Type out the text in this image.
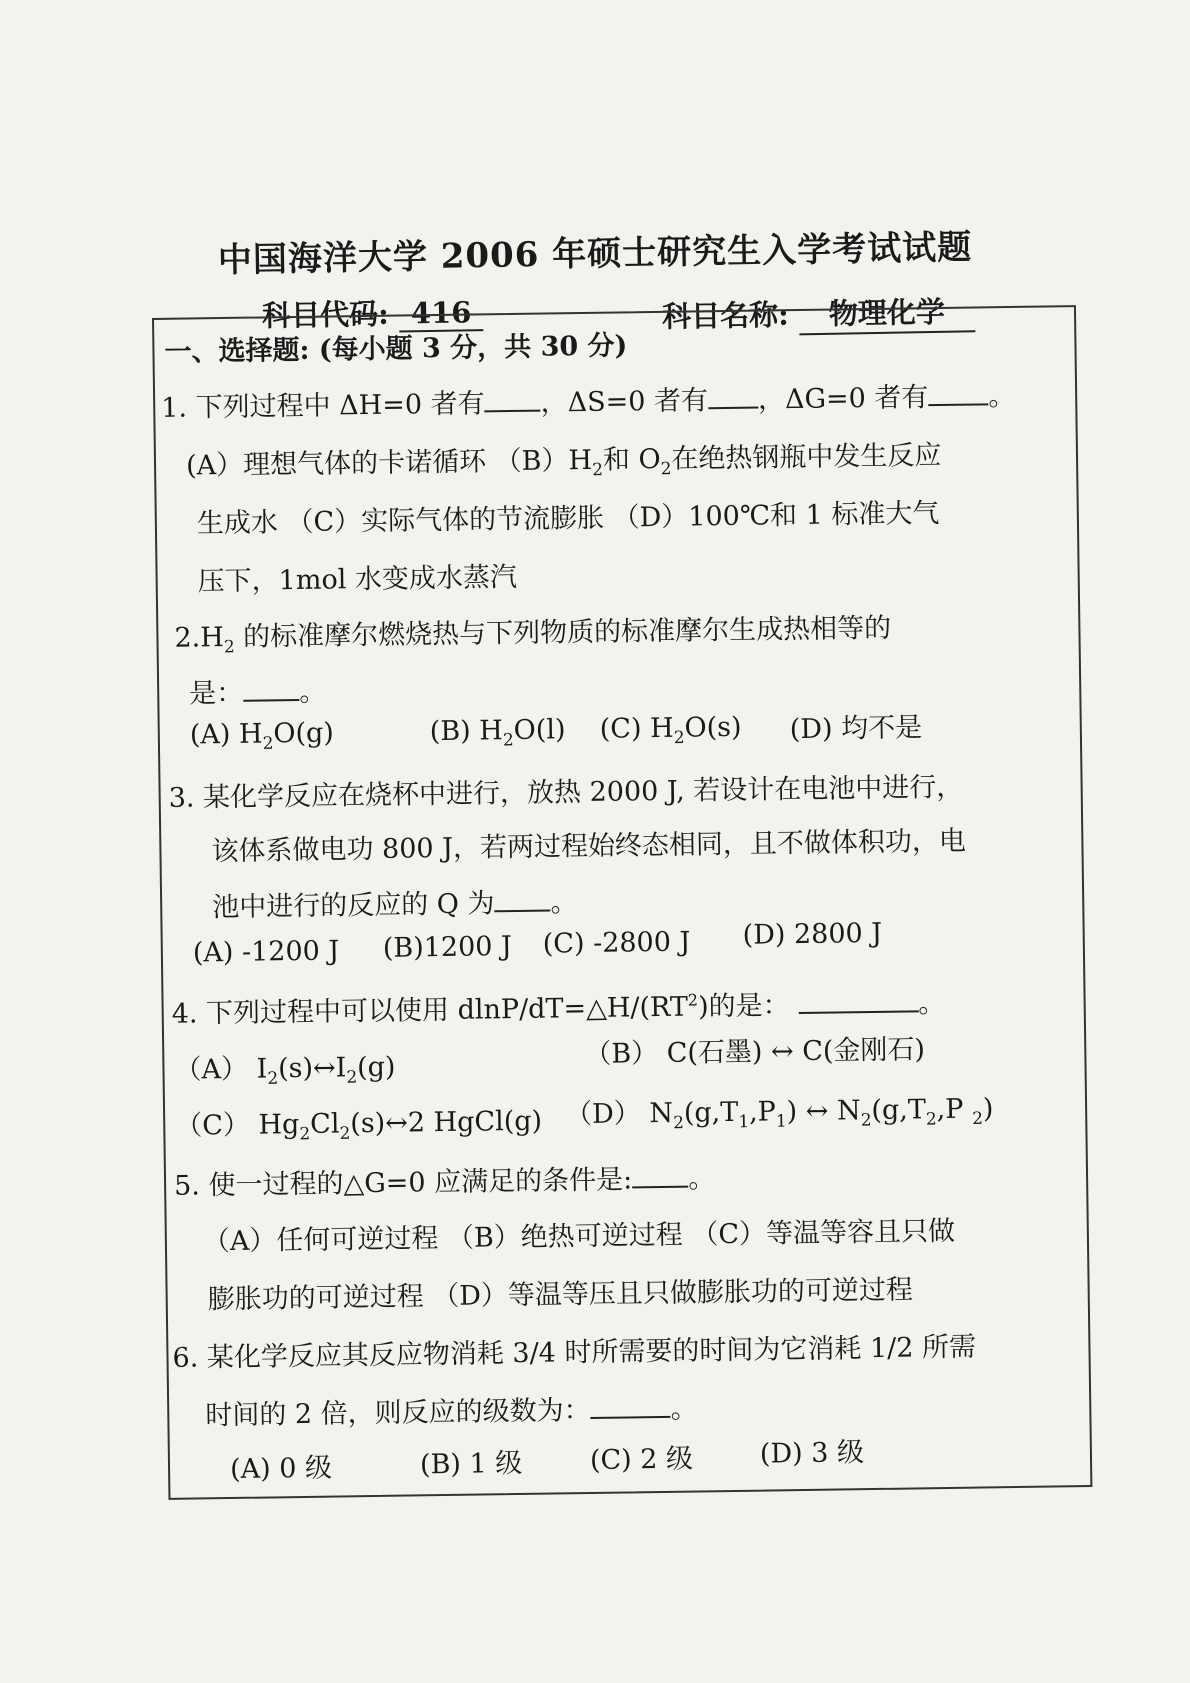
中国海洋大学 2006 年硕士研究生入学考试试题
科目代码: 416	科目名称: 物理化学
一、选择题: (每小题 3 分，共 30 分)
1. 下列过程中 ΔH=0 者有 ，ΔS=0 者有 ，ΔG=0 者有 。
(A）理想气体的卡诺循环 $(B)H_2$和 $O_2$在绝热钢瓶中发生反应
生成水 （C）实际气体的节流膨胀 （D）100℃和 1 标准大气
压下，1mol 水变成水蒸汽
$2.H_2$ 的标准摩尔燃烧热与下列物质的标准摩尔生成热相等的
是： 。
(A) $H_2O(g)$	(B) $H_2O(l)$ (C) $H_2O(s)$ (D) 均不是
3. 某化学反应在烧杯中进行，放热 2000 J, 若设计在电池中进行，
该体系做电功 800 J，若两过程始终态相同，且不做体积功，电
池中进行的反应的 Q 为 。
(A) -1200 J (B)1200 J (C) -2800 J (D) 2800 J
4. 下列过程中可以使用 dlnP/$dT=\triangle H/(RT^2)$的是：	。
（A） $I_2(s)\leftrightarrow I_2(g)$	（B） C(石墨) ↔ C(金刚石)
（C） $Hg_2Cl_2(s)\leftrightarrow 2$ HgCl(g) （D） $N_2(g,T_1,P_1)$ ↔ $N_2(g,T_2,P$ $_2$)
5. 使一过程的△G=0 应满足的条件是: 。
（A）任何可逆过程 （B）绝热可逆过程 （C）等温等容且只做
膨胀功的可逆过程 （D）等温等压且只做膨胀功的可逆过程
6. 某化学反应其反应物消耗 3/4 时所需要的时间为它消耗 1/2 所需
时间的 2 倍，则反应的级数为：	。
(A) 0 级	(B) 1 级 (C) 2 级 (D) 3 级
